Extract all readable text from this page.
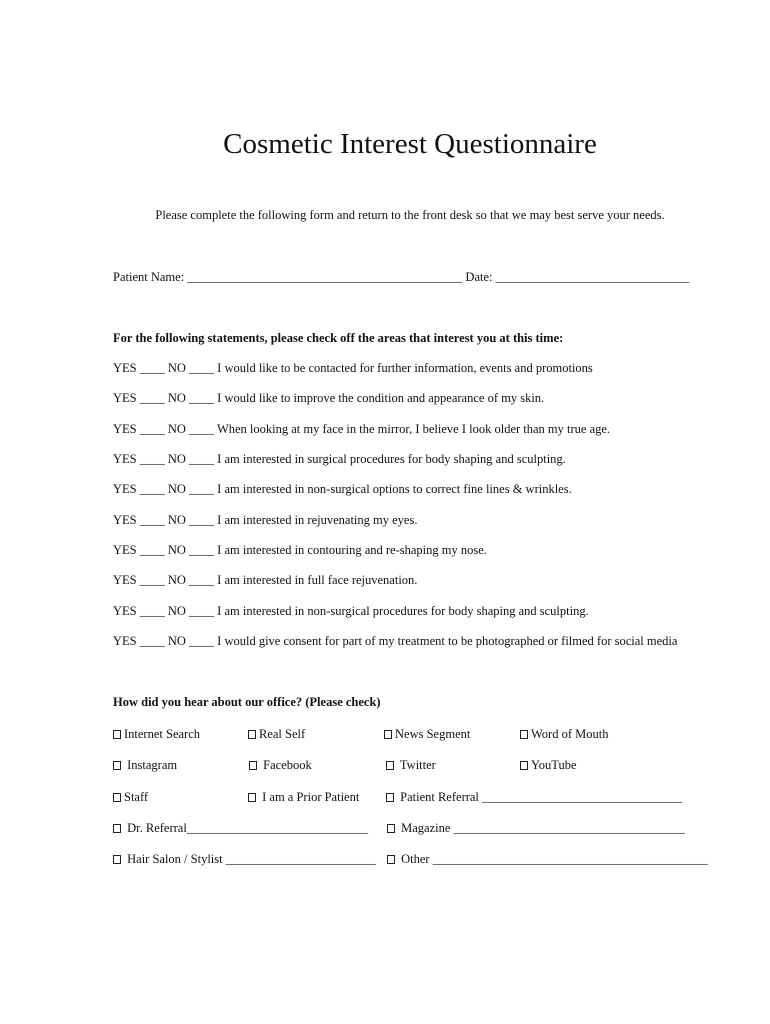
Cosmetic Interest Questionnaire
Please complete the following form and return to the front desk so that we may best serve your needs.
Patient Name: ____________________________________________ Date: _______________________________
For the following statements, please check off the areas that interest you at this time:
YES ____ NO ____ I would like to be contacted for further information, events and promotions
YES ____ NO ____ I would like to improve the condition and appearance of my skin.
YES ____ NO ____ When looking at my face in the mirror, I believe I look older than my true age.
YES ____ NO ____ I am interested in surgical procedures for body shaping and sculpting.
YES ____ NO ____ I am interested in non-surgical options to correct fine lines & wrinkles.
YES ____ NO ____ I am interested in rejuvenating my eyes.
YES ____ NO ____ I am interested in contouring and re-shaping my nose.
YES ____ NO ____ I am interested in full face rejuvenation.
YES ____ NO ____ I am interested in non-surgical procedures for body shaping and sculpting.
YES ____ NO ____ I would give consent for part of my treatment to be photographed or filmed for social media
How did you hear about our office? (Please check)
Internet Search	Real Self	News Segment	Word of Mouth
Instagram	Facebook	Twitter	YouTube
Staff	I am a Prior Patient	Patient Referral ________________________________
Dr. Referral_____________________________	Magazine _____________________________________
Hair Salon / Stylist ________________________	Other ____________________________________________
